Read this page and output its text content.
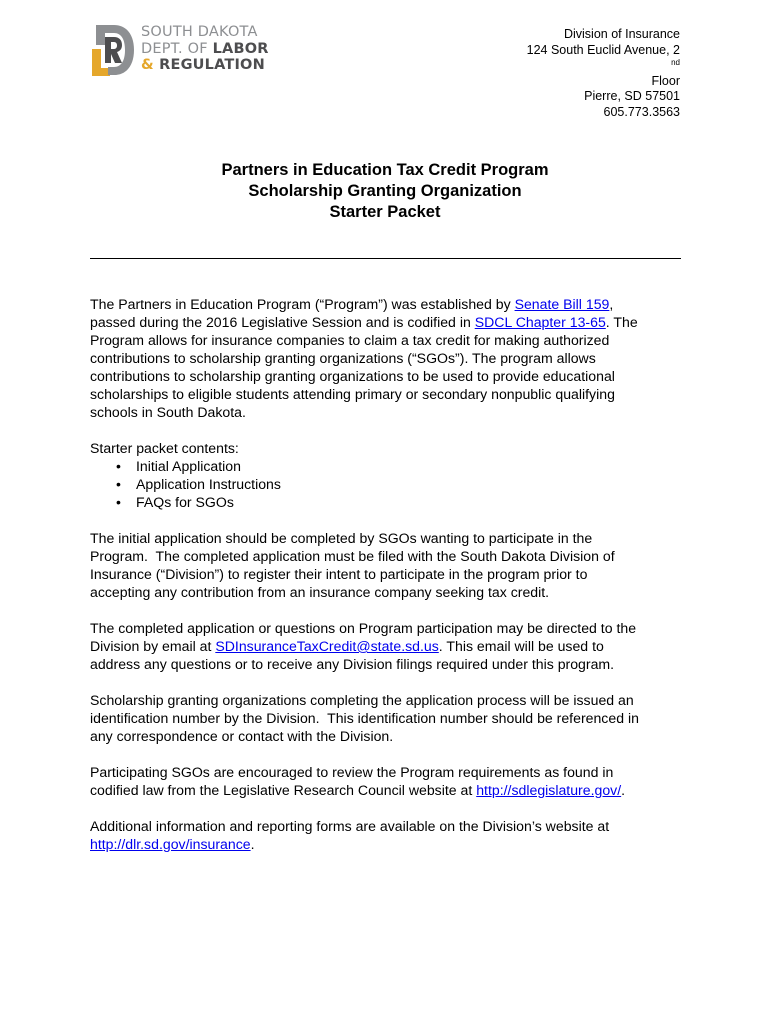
SOUTH DAKOTA
DEPT. OF LABOR
& REGULATION
Division of Insurance
124 South Euclid Avenue, 2
$^{nd}$
Floor
Pierre, SD 57501
605.773.3563
Partners in Education Tax Credit Program
Scholarship Granting Organization
Starter Packet

The Partners in Education Program (“Program”) was established by Senate Bill 159,
passed during the 2016 Legislative Session and is codified in SDCL Chapter 13-65. The
Program allows for insurance companies to claim a tax credit for making authorized
contributions to scholarship granting organizations (“SGOs”). The program allows
contributions to scholarship granting organizations to be used to provide educational
scholarships to eligible students attending primary or secondary nonpublic qualifying
schools in South Dakota.

Starter packet contents:

• Initial Application
• Application Instructions
• FAQs for SGOs

The initial application should be completed by SGOs wanting to participate in the
Program.  The completed application must be filed with the South Dakota Division of
Insurance (“Division”) to register their intent to participate in the program prior to
accepting any contribution from an insurance company seeking tax credit.

The completed application or questions on Program participation may be directed to the
Division by email at SDInsuranceTaxCredit@state.sd.us. This email will be used to
address any questions or to receive any Division filings required under this program.

Scholarship granting organizations completing the application process will be issued an
identification number by the Division.  This identification number should be referenced in
any correspondence or contact with the Division.

Participating SGOs are encouraged to review the Program requirements as found in
codified law from the Legislative Research Council website at http://sdlegislature.gov/.

Additional information and reporting forms are available on the Division’s website at
http://dlr.sd.gov/insurance.
